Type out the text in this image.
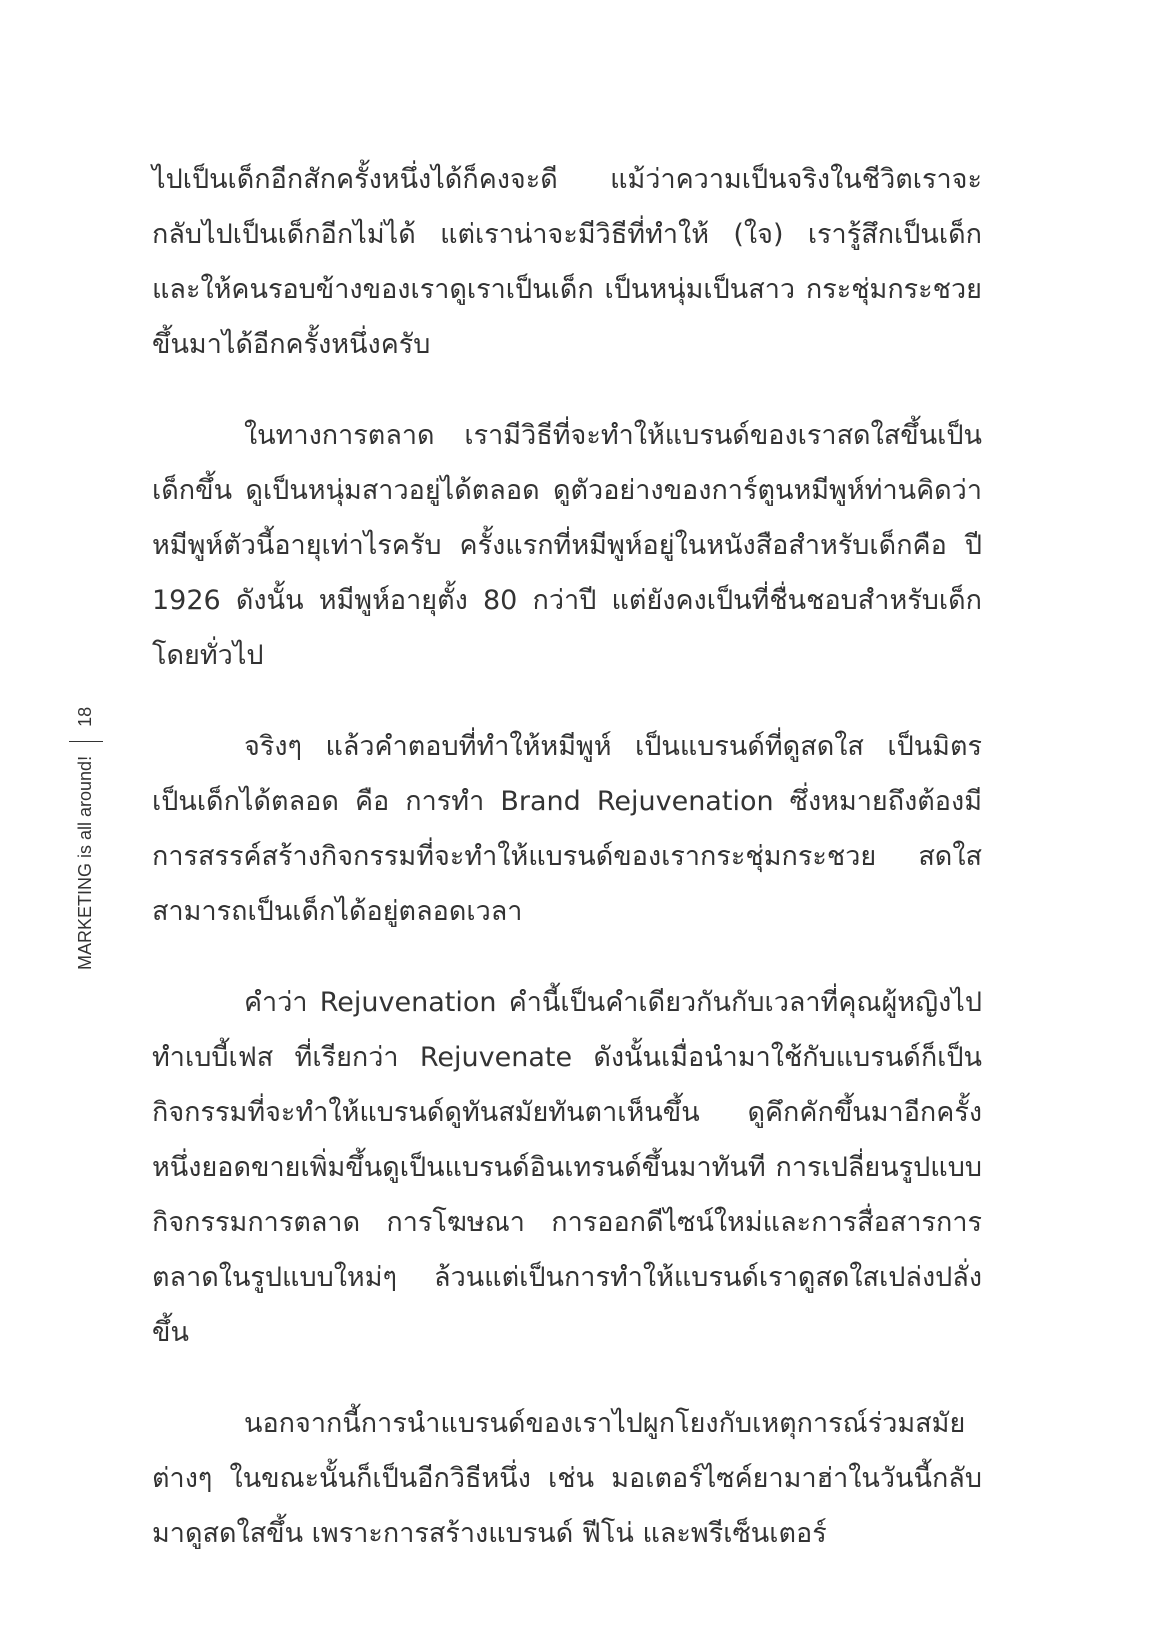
MARKETING is all around!
18

ไปเป็นเด็กอีกสักครั้งหนึ่งได้ก็คงจะดี แม้ว่าความเป็นจริงในชีวิตเราจะกลับไปเป็นเด็กอีกไม่ได้ แต่เราน่าจะมีวิธีที่ทำให้ (ใจ) เรารู้สึกเป็นเด็กและให้คนรอบข้างของเราดูเราเป็นเด็ก เป็นหนุ่มเป็นสาว กระชุ่มกระชวยขึ้นมาได้อีกครั้งหนึ่งครับ

ในทางการตลาด เรามีวิธีที่จะทำให้แบรนด์ของเราสดใสขึ้นเป็นเด็กขึ้น ดูเป็นหนุ่มสาวอยู่ได้ตลอด ดูตัวอย่างของการ์ตูนหมีพูห์ท่านคิดว่าหมีพูห์ตัวนี้อายุเท่าไรครับ ครั้งแรกที่หมีพูห์อยู่ในหนังสือสำหรับเด็กคือ ปี 1926 ดังนั้น หมีพูห์อายุตั้ง 80 กว่าปี แต่ยังคงเป็นที่ชื่นชอบสำหรับเด็กโดยทั่วไป

จริงๆ แล้วคำตอบที่ทำให้หมีพูห์ เป็นแบรนด์ที่ดูสดใส เป็นมิตรเป็นเด็กได้ตลอด คือ การทำ Brand Rejuvenation ซึ่งหมายถึงต้องมีการสรรค์สร้างกิจกรรมที่จะทำให้แบรนด์ของเรากระชุ่มกระชวย สดใสสามารถเป็นเด็กได้อยู่ตลอดเวลา

คำว่า Rejuvenation คำนี้เป็นคำเดียวกันกับเวลาที่คุณผู้หญิงไปทำเบบี้เฟส ที่เรียกว่า Rejuvenate ดังนั้นเมื่อนำมาใช้กับแบรนด์ก็เป็นกิจกรรมที่จะทำให้แบรนด์ดูทันสมัยทันตาเห็นขึ้น ดูคึกคักขึ้นมาอีกครั้งหนึ่งยอดขายเพิ่มขึ้นดูเป็นแบรนด์อินเทรนด์ขึ้นมาทันที การเปลี่ยนรูปแบบกิจกรรมการตลาด การโฆษณา การออกดีไซน์ใหม่และการสื่อสารการตลาดในรูปแบบใหม่ๆ ล้วนแต่เป็นการทำให้แบรนด์เราดูสดใสเปล่งปลั่งขึ้น

นอกจากนี้การนำแบรนด์ของเราไปผูกโยงกับเหตุการณ์ร่วมสมัยต่างๆ ในขณะนั้นก็เป็นอีกวิธีหนึ่ง เช่น มอเตอร์ไซค์ยามาฮ่าในวันนี้กลับมาดูสดใสขึ้น เพราะการสร้างแบรนด์ ฟีโน่ และพรีเซ็นเตอร์
